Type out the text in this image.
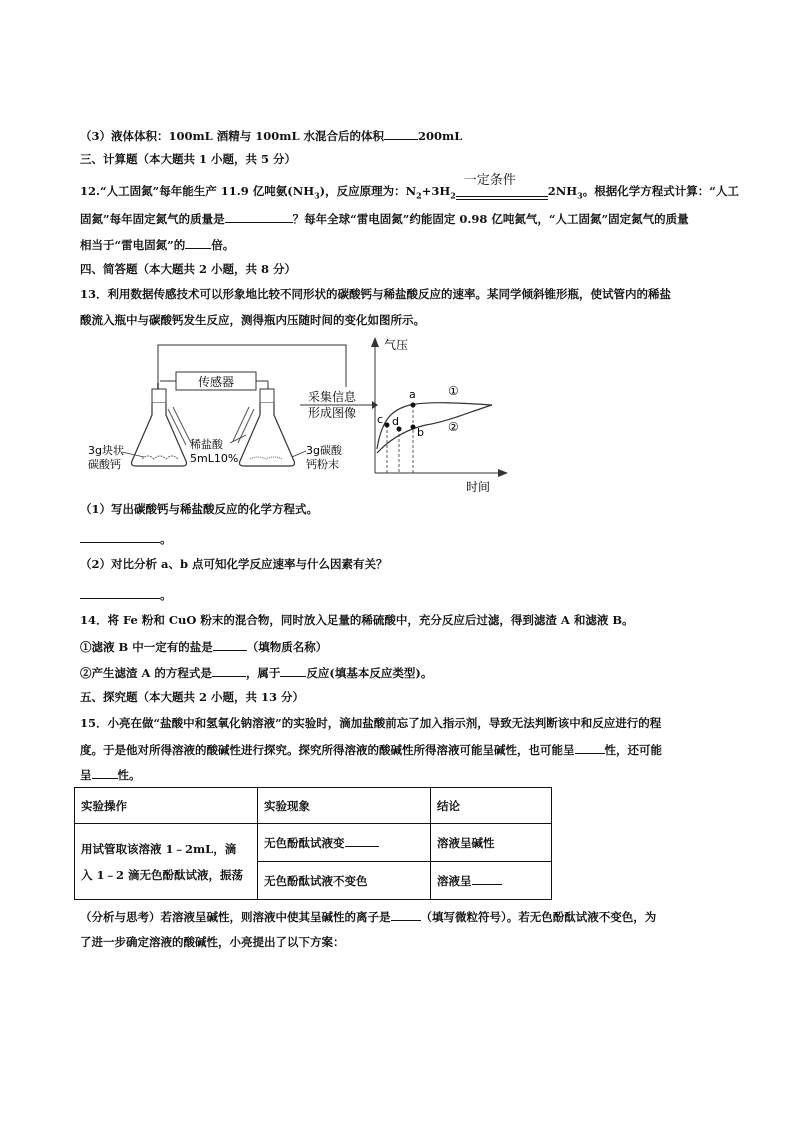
（3）液体体积：100mL 酒精与 100mL 水混合后的体积	200mL
三、计算题（本大题共 1 小题，共 5 分）
12.“人工固氮”每年能生产 11.9 亿吨氨$(NH_3)$，反应原理为：$N_2+3H_2$
一定条件
$2NH_3$。根据化学方程式计算：“人工
固氮”每年固定氮气的质量是	？每年全球“雷电固氮”约能固定 0.98 亿吨氮气，“人工固氮”固定氮气的质量
相当于“雷电固氮”的 倍。
四、简答题（本大题共 2 小题，共 8 分）
13．利用数据传感技术可以形象地比较不同形状的碳酸钙与稀盐酸反应的速率。某同学倾斜锥形瓶，使试管内的稀盐
酸流入瓶中与碳酸钙发生反应，测得瓶内压随时间的变化如图所示。
传感器
3g块状
碳酸钙
稀盐酸
5mL10%
3g碳酸
钙粉末
采集信息
形成图像
气压
时间
a
b
c d
①
②
（1）写出碳酸钙与稀盐酸反应的化学方程式。
。
（2）对比分析 a、b 点可知化学反应速率与什么因素有关？
。
14．将 Fe 粉和 CuO 粉末的混合物，同时放入足量的稀硫酸中，充分反应后过滤，得到滤渣 A 和滤液 B。
①滤液 B 中一定有的盐是	（填物质名称）
②产生滤渣 A 的方程式是	，属于 反应(填基本反应类型)。
五、探究题（本大题共 2 小题，共 13 分）
15．小亮在做“盐酸中和氢氧化钠溶液”的实验时，滴加盐酸前忘了加入指示剂，导致无法判断该中和反应进行的程
度。于是他对所得溶液的酸碱性进行探究。探究所得溶液的酸碱性所得溶液可能呈碱性，也可能呈	性，还可能
呈 性。
实验操作	实验现象	结论

用试管取该溶液 1﹣2mL，滴
入 1﹣2 滴无色酚酞试液，振荡	无色酚酞试液变	溶液呈碱性
	无色酚酞试液不变色	溶液呈
（分析与思考）若溶液呈碱性，则溶液中使其呈碱性的离子是	（填写微粒符号）。若无色酚酞试液不变色，为
了进一步确定溶液的酸碱性，小亮提出了以下方案：
